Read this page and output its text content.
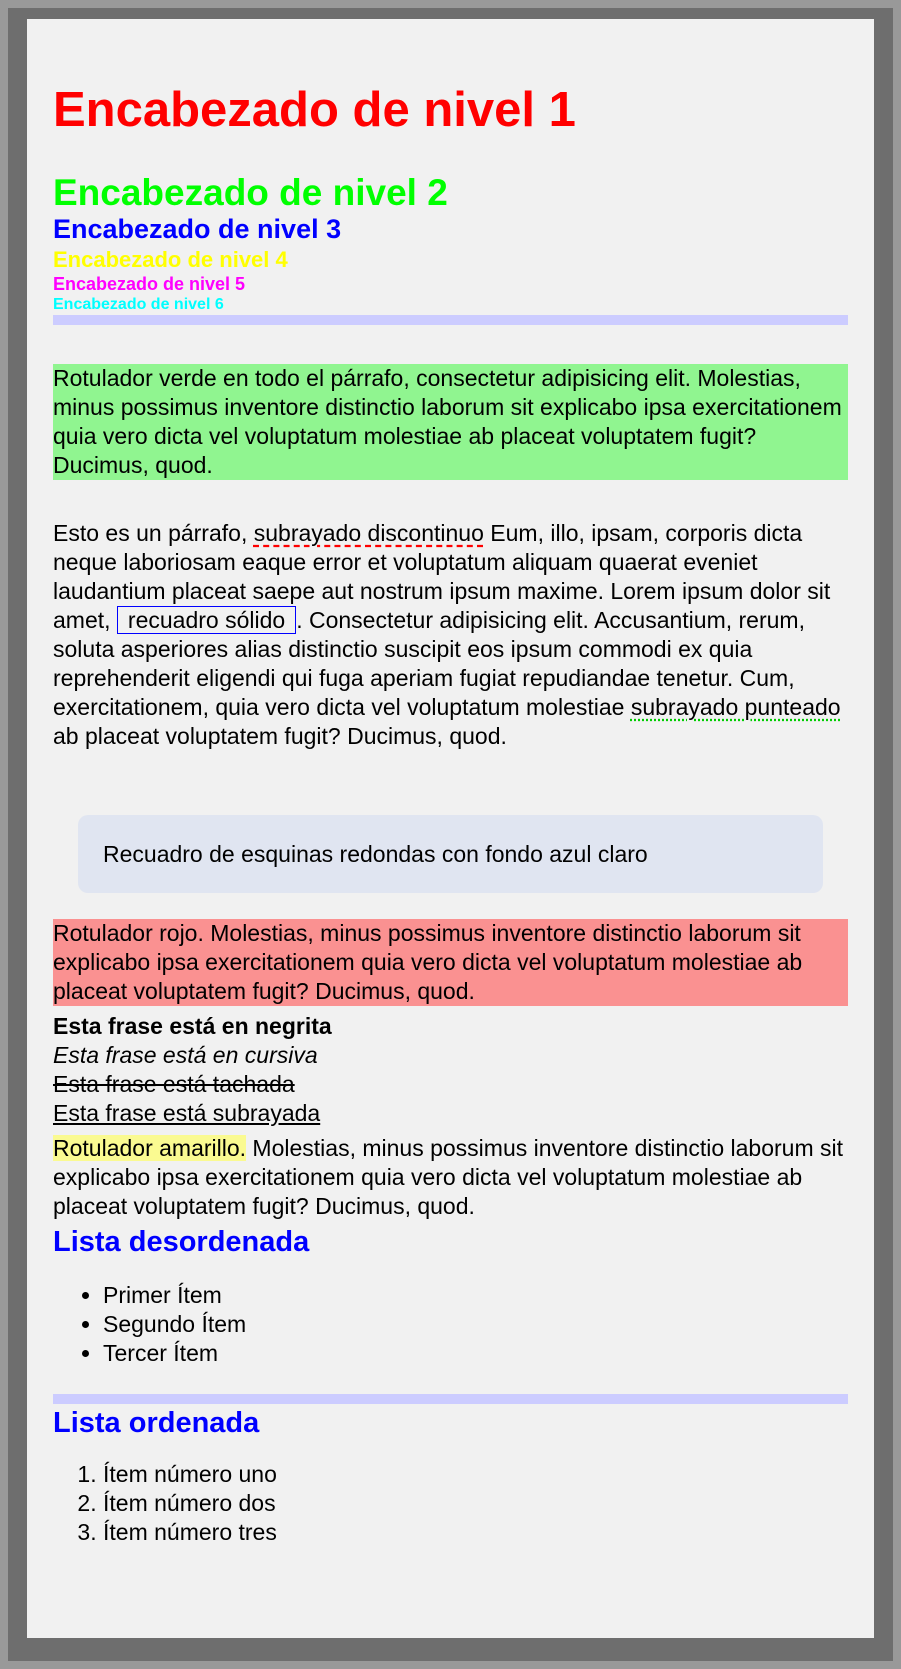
Encabezado de nivel 1
Encabezado de nivel 2
Encabezado de nivel 3
Encabezado de nivel 4
Encabezado de nivel 5
Encabezado de nivel 6

Rotulador verde en todo el párrafo, consectetur adipisicing elit. Molestias, minus possimus inventore distinctio laborum sit explicabo ipsa exercitationem quia vero dicta vel voluptatum molestiae ab placeat voluptatem fugit? Ducimus, quod.

Esto es un párrafo, subrayado discontinuo Eum, illo, ipsam, corporis dicta neque laboriosam eaque error et voluptatum aliquam quaerat eveniet laudantium placeat saepe aut nostrum ipsum maxime. Lorem ipsum dolor sit amet, recuadro sólido . Consectetur adipisicing elit. Accusantium, rerum, soluta asperiores alias distinctio suscipit eos ipsum commodi ex quia reprehenderit eligendi qui fuga aperiam fugiat repudiandae tenetur. Cum, exercitationem, quia vero dicta vel voluptatum molestiae subrayado punteado ab placeat voluptatem fugit? Ducimus, quod.

Recuadro de esquinas redondas con fondo azul claro

Rotulador rojo. Molestias, minus possimus inventore distinctio laborum sit explicabo ipsa exercitationem quia vero dicta vel voluptatum molestiae ab placeat voluptatem fugit? Ducimus, quod.

Esta frase está en negrita

Esta frase está en cursiva

Esta frase está tachada

Esta frase está subrayada

Rotulador amarillo. Molestias, minus possimus inventore distinctio laborum sit explicabo ipsa exercitationem quia vero dicta vel voluptatum molestiae ab placeat voluptatem fugit? Ducimus, quod.

Lista desordenada
• Primer Ítem
• Segundo Ítem
• Tercer Ítem
Lista ordenada
1. Ítem número uno
2. Ítem número dos
3. Ítem número tres
